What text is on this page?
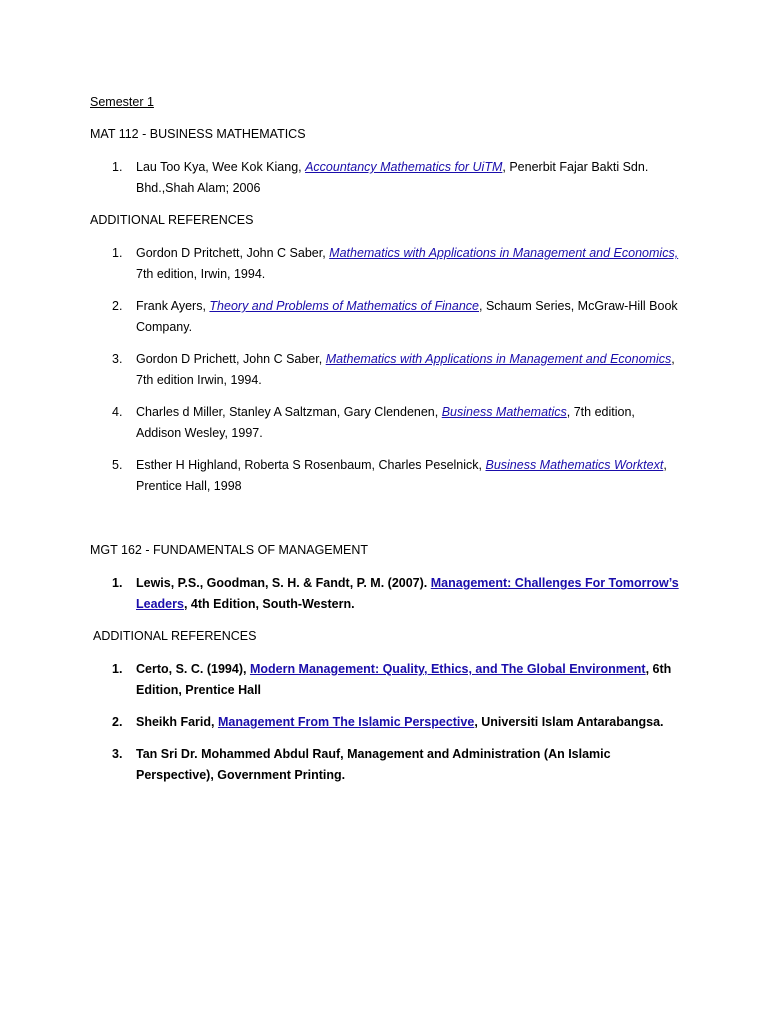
Semester 1
MAT 112 - BUSINESS MATHEMATICS
1. Lau Too Kya, Wee Kok Kiang, Accountancy Mathematics for UiTM, Penerbit Fajar Bakti Sdn. Bhd.,Shah Alam; 2006
ADDITIONAL REFERENCES
1. Gordon D Pritchett, John C Saber, Mathematics with Applications in Management and Economics, 7th edition, Irwin, 1994.
2. Frank Ayers, Theory and Problems of Mathematics of Finance, Schaum Series, McGraw-Hill Book Company.
3. Gordon D Prichett, John C Saber, Mathematics with Applications in Management and Economics, 7th edition Irwin, 1994.
4. Charles d Miller, Stanley A Saltzman, Gary Clendenen, Business Mathematics, 7th edition, Addison Wesley, 1997.
5. Esther H Highland, Roberta S Rosenbaum, Charles Peselnick, Business Mathematics Worktext, Prentice Hall, 1998
MGT 162 - FUNDAMENTALS OF MANAGEMENT
1. Lewis, P.S., Goodman, S. H. & Fandt, P. M. (2007). Management: Challenges For Tomorrow’s Leaders, 4th Edition, South-Western.
ADDITIONAL REFERENCES
1. Certo, S. C. (1994), Modern Management: Quality, Ethics, and The Global Environment, 6th Edition, Prentice Hall
2. Sheikh Farid, Management From The Islamic Perspective, Universiti Islam Antarabangsa.
3. Tan Sri Dr. Mohammed Abdul Rauf, Management and Administration (An Islamic Perspective), Government Printing.
